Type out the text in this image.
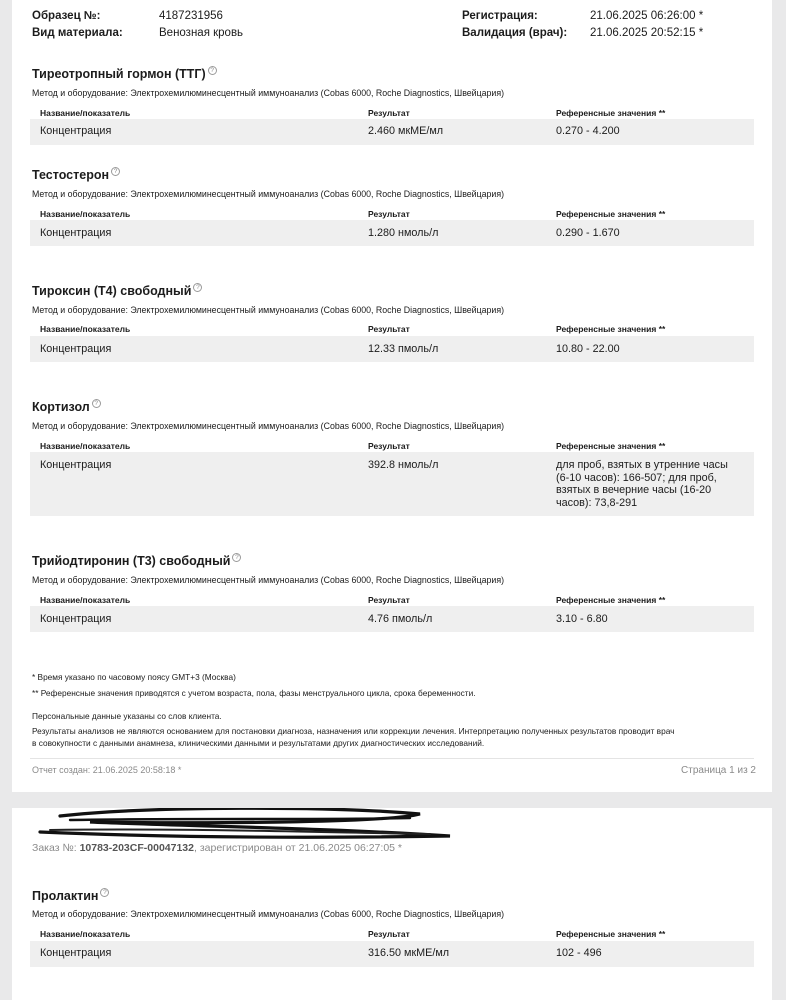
Образец №:	4187231956
Вид материала:	Венозная кровь
Регистрация:	21.06.2025 06:26:00 *
Валидация (врач): 21.06.2025 20:52:15 *
Тиреотропный гормон (ТТГ) ?
Метод и оборудование: Электрохемилюминесцентный иммуноанализ (Cobas 6000, Roche Diagnostics, Швейцария)
Название/показатель	Результат	Референсные значения **
Концентрация	2.460 мкМЕ/мл	0.270 - 4.200
Тестостерон ?
Метод и оборудование: Электрохемилюминесцентный иммуноанализ (Cobas 6000, Roche Diagnostics, Швейцария)
Название/показатель	Результат	Референсные значения **
Концентрация	1.280 нмоль/л	0.290 - 1.670
Тироксин (Т4) свободный ?
Метод и оборудование: Электрохемилюминесцентный иммуноанализ (Cobas 6000, Roche Diagnostics, Швейцария)
Название/показатель	Результат	Референсные значения **
Концентрация	12.33 пмоль/л	10.80 - 22.00
Кортизол ?
Метод и оборудование: Электрохемилюминесцентный иммуноанализ (Cobas 6000, Roche Diagnostics, Швейцария)
Название/показатель	Результат	Референсные значения **
Концентрация	392.8 нмоль/л	для проб, взятых в утренние часы (6-10 часов): 166-507; для проб, взятых в вечерние часы (16-20 часов): 73,8-291
Трийодтиронин (Т3) свободный ?
Метод и оборудование: Электрохемилюминесцентный иммуноанализ (Cobas 6000, Roche Diagnostics, Швейцария)
Название/показатель	Результат	Референсные значения **
Концентрация	4.76 пмоль/л	3.10 - 6.80
* Время указано по часовому поясу GMT+3 (Москва)
** Референсные значения приводятся с учетом возраста, пола, фазы менструального цикла, срока беременности.
Персональные данные указаны со слов клиента.
Результаты анализов не являются основанием для постановки диагноза, назначения или коррекции лечения. Интерпретацию полученных результатов проводит врач
в совокупности с данными анамнеза, клиническими данными и результатами других диагностических исследований.
Отчет создан: 21.06.2025 20:58:18 *	Страница 1 из 2
Заказ №: 10783-203CF-00047132, зарегистрирован от 21.06.2025 06:27:05 *
Пролактин ?
Метод и оборудование: Электрохемилюминесцентный иммуноанализ (Cobas 6000, Roche Diagnostics, Швейцария)
Название/показатель	Результат	Референсные значения **
Концентрация	316.50 мкМЕ/мл	102 - 496
